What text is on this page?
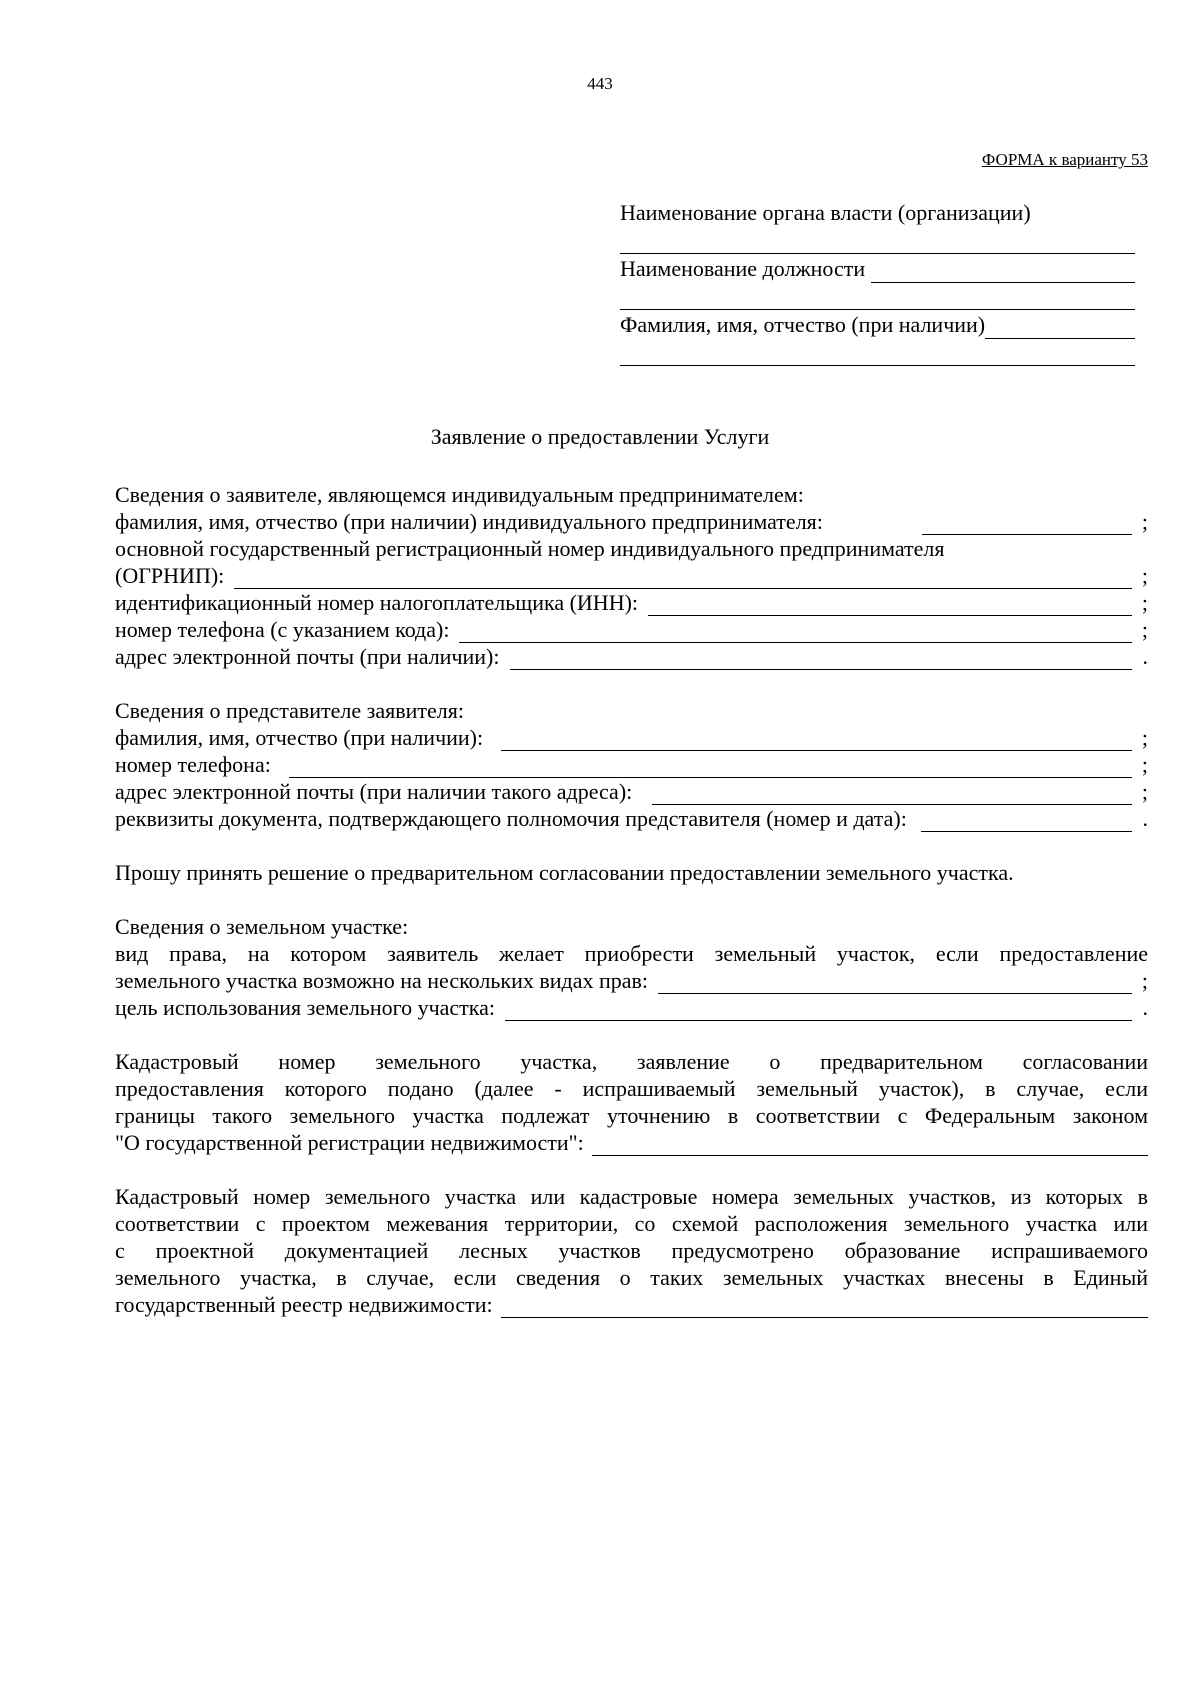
443
ФОРМА к варианту 53
Наименование органа власти (организации)
Наименование должности
Фамилия, имя, отчество (при наличии)
Заявление о предоставлении Услуги
Сведения о заявителе, являющемся индивидуальным предпринимателем:
фамилия, имя, отчество (при наличии) индивидуального предпринимателя:	;
основной государственный регистрационный номер индивидуального предпринимателя
(ОГРНИП):	;
идентификационный номер налогоплательщика (ИНН):	;
номер телефона (с указанием кода):	;
адрес электронной почты (при наличии):	.
Сведения о представителе заявителя:
фамилия, имя, отчество (при наличии):	;
номер телефона:	;
адрес электронной почты (при наличии такого адреса):	;
реквизиты документа, подтверждающего полномочия представителя (номер и дата):	.
Прошу принять решение о предварительном согласовании предоставлении земельного участка.
Сведения о земельном участке:
вид права, на котором заявитель желает приобрести земельный участок, если предоставление
земельного участка возможно на нескольких видах прав:	;
цель использования земельного участка:	.
Кадастровый номер земельного участка, заявление о предварительном согласовании
предоставления которого подано (далее - испрашиваемый земельный участок), в случае, если
границы такого земельного участка подлежат уточнению в соответствии с Федеральным законом
"О государственной регистрации недвижимости":
Кадастровый номер земельного участка или кадастровые номера земельных участков, из которых в
соответствии с проектом межевания территории, со схемой расположения земельного участка или
с проектной документацией лесных участков предусмотрено образование испрашиваемого
земельного участка, в случае, если сведения о таких земельных участках внесены в Единый
государственный реестр недвижимости:
